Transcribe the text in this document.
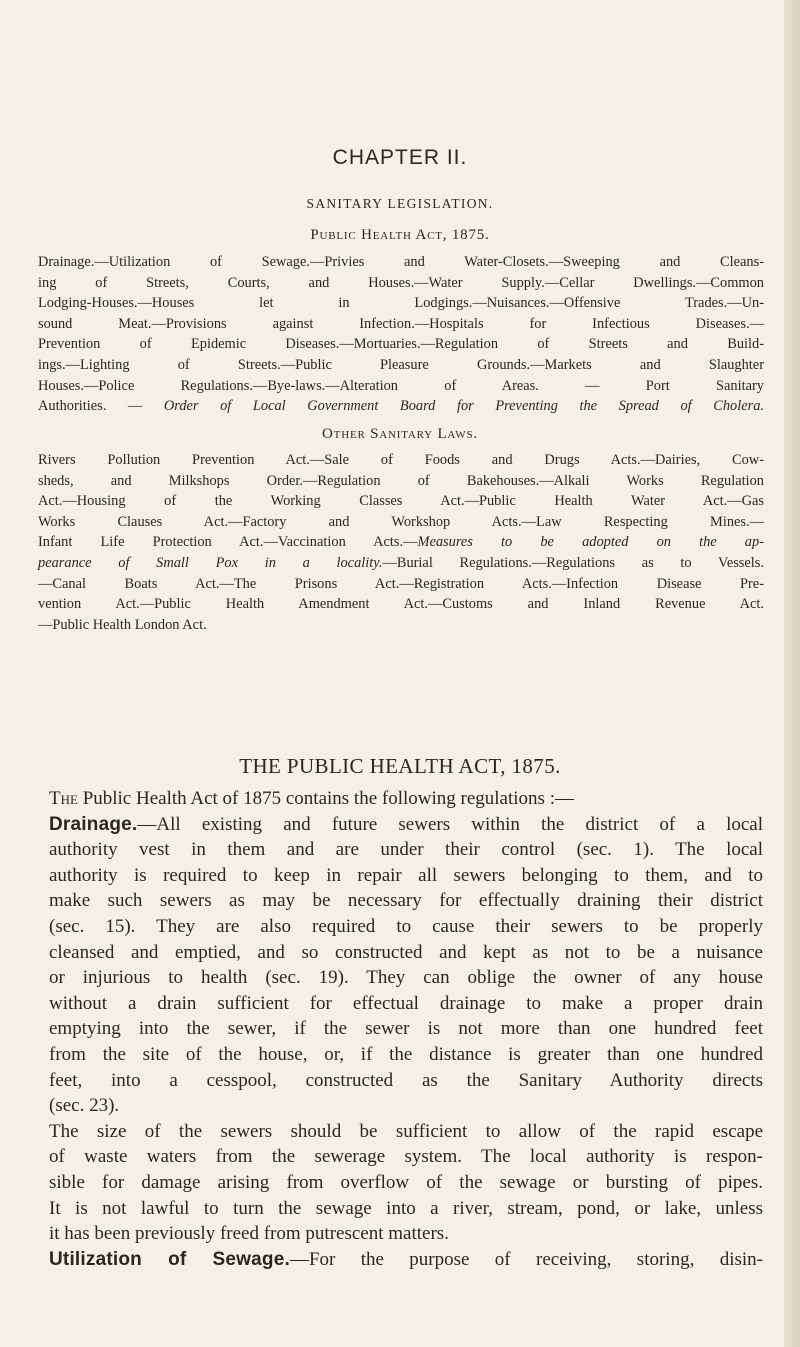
CHAPTER II.
SANITARY LEGISLATION.
Public Health Act, 1875.
Drainage.—Utilization of Sewage.—Privies and Water-Closets.—Sweeping and Cleans-
ing of Streets, Courts, and Houses.—Water Supply.—Cellar Dwellings.—Common
Lodging-Houses.—Houses let in Lodgings.—Nuisances.—Offensive Trades.—Un-
sound Meat.—Provisions against Infection.—Hospitals for Infectious Diseases.—
Prevention of Epidemic Diseases.—Mortuaries.—Regulation of Streets and Build-
ings.—Lighting of Streets.—Public Pleasure Grounds.—Markets and Slaughter
Houses.—Police Regulations.—Bye-laws.—Alteration of Areas. — Port Sanitary
Authorities. — Order of Local Government Board for Preventing the Spread of Cholera.
Other Sanitary Laws.
Rivers Pollution Prevention Act.—Sale of Foods and Drugs Acts.—Dairies, Cow-
sheds, and Milkshops Order.—Regulation of Bakehouses.—Alkali Works Regulation
Act.—Housing of the Working Classes Act.—Public Health Water Act.—Gas
Works Clauses Act.—Factory and Workshop Acts.—Law Respecting Mines.—
Infant Life Protection Act.—Vaccination Acts.—Measures to be adopted on the ap-
pearance of Small Pox in a locality.—Burial Regulations.—Regulations as to Vessels.
—Canal Boats Act.—The Prisons Act.—Registration Acts.—Infection Disease Pre-
vention Act.—Public Health Amendment Act.—Customs and Inland Revenue Act.
—Public Health London Act.
THE PUBLIC HEALTH ACT, 1875.
The Public Health Act of 1875 contains the following regulations :—
Drainage.—All existing and future sewers within the district of a local
authority vest in them and are under their control (sec. 1). The local
authority is required to keep in repair all sewers belonging to them, and to
make such sewers as may be necessary for effectually draining their district
(sec. 15). They are also required to cause their sewers to be properly
cleansed and emptied, and so constructed and kept as not to be a nuisance
or injurious to health (sec. 19). They can oblige the owner of any house
without a drain sufficient for effectual drainage to make a proper drain
emptying into the sewer, if the sewer is not more than one hundred feet
from the site of the house, or, if the distance is greater than one hundred
feet, into a cesspool, constructed as the Sanitary Authority directs
(sec. 23).
The size of the sewers should be sufficient to allow of the rapid escape
of waste waters from the sewerage system. The local authority is respon-
sible for damage arising from overflow of the sewage or bursting of pipes.
It is not lawful to turn the sewage into a river, stream, pond, or lake, unless
it has been previously freed from putrescent matters.
Utilization of Sewage.—For the purpose of receiving, storing, disin-
